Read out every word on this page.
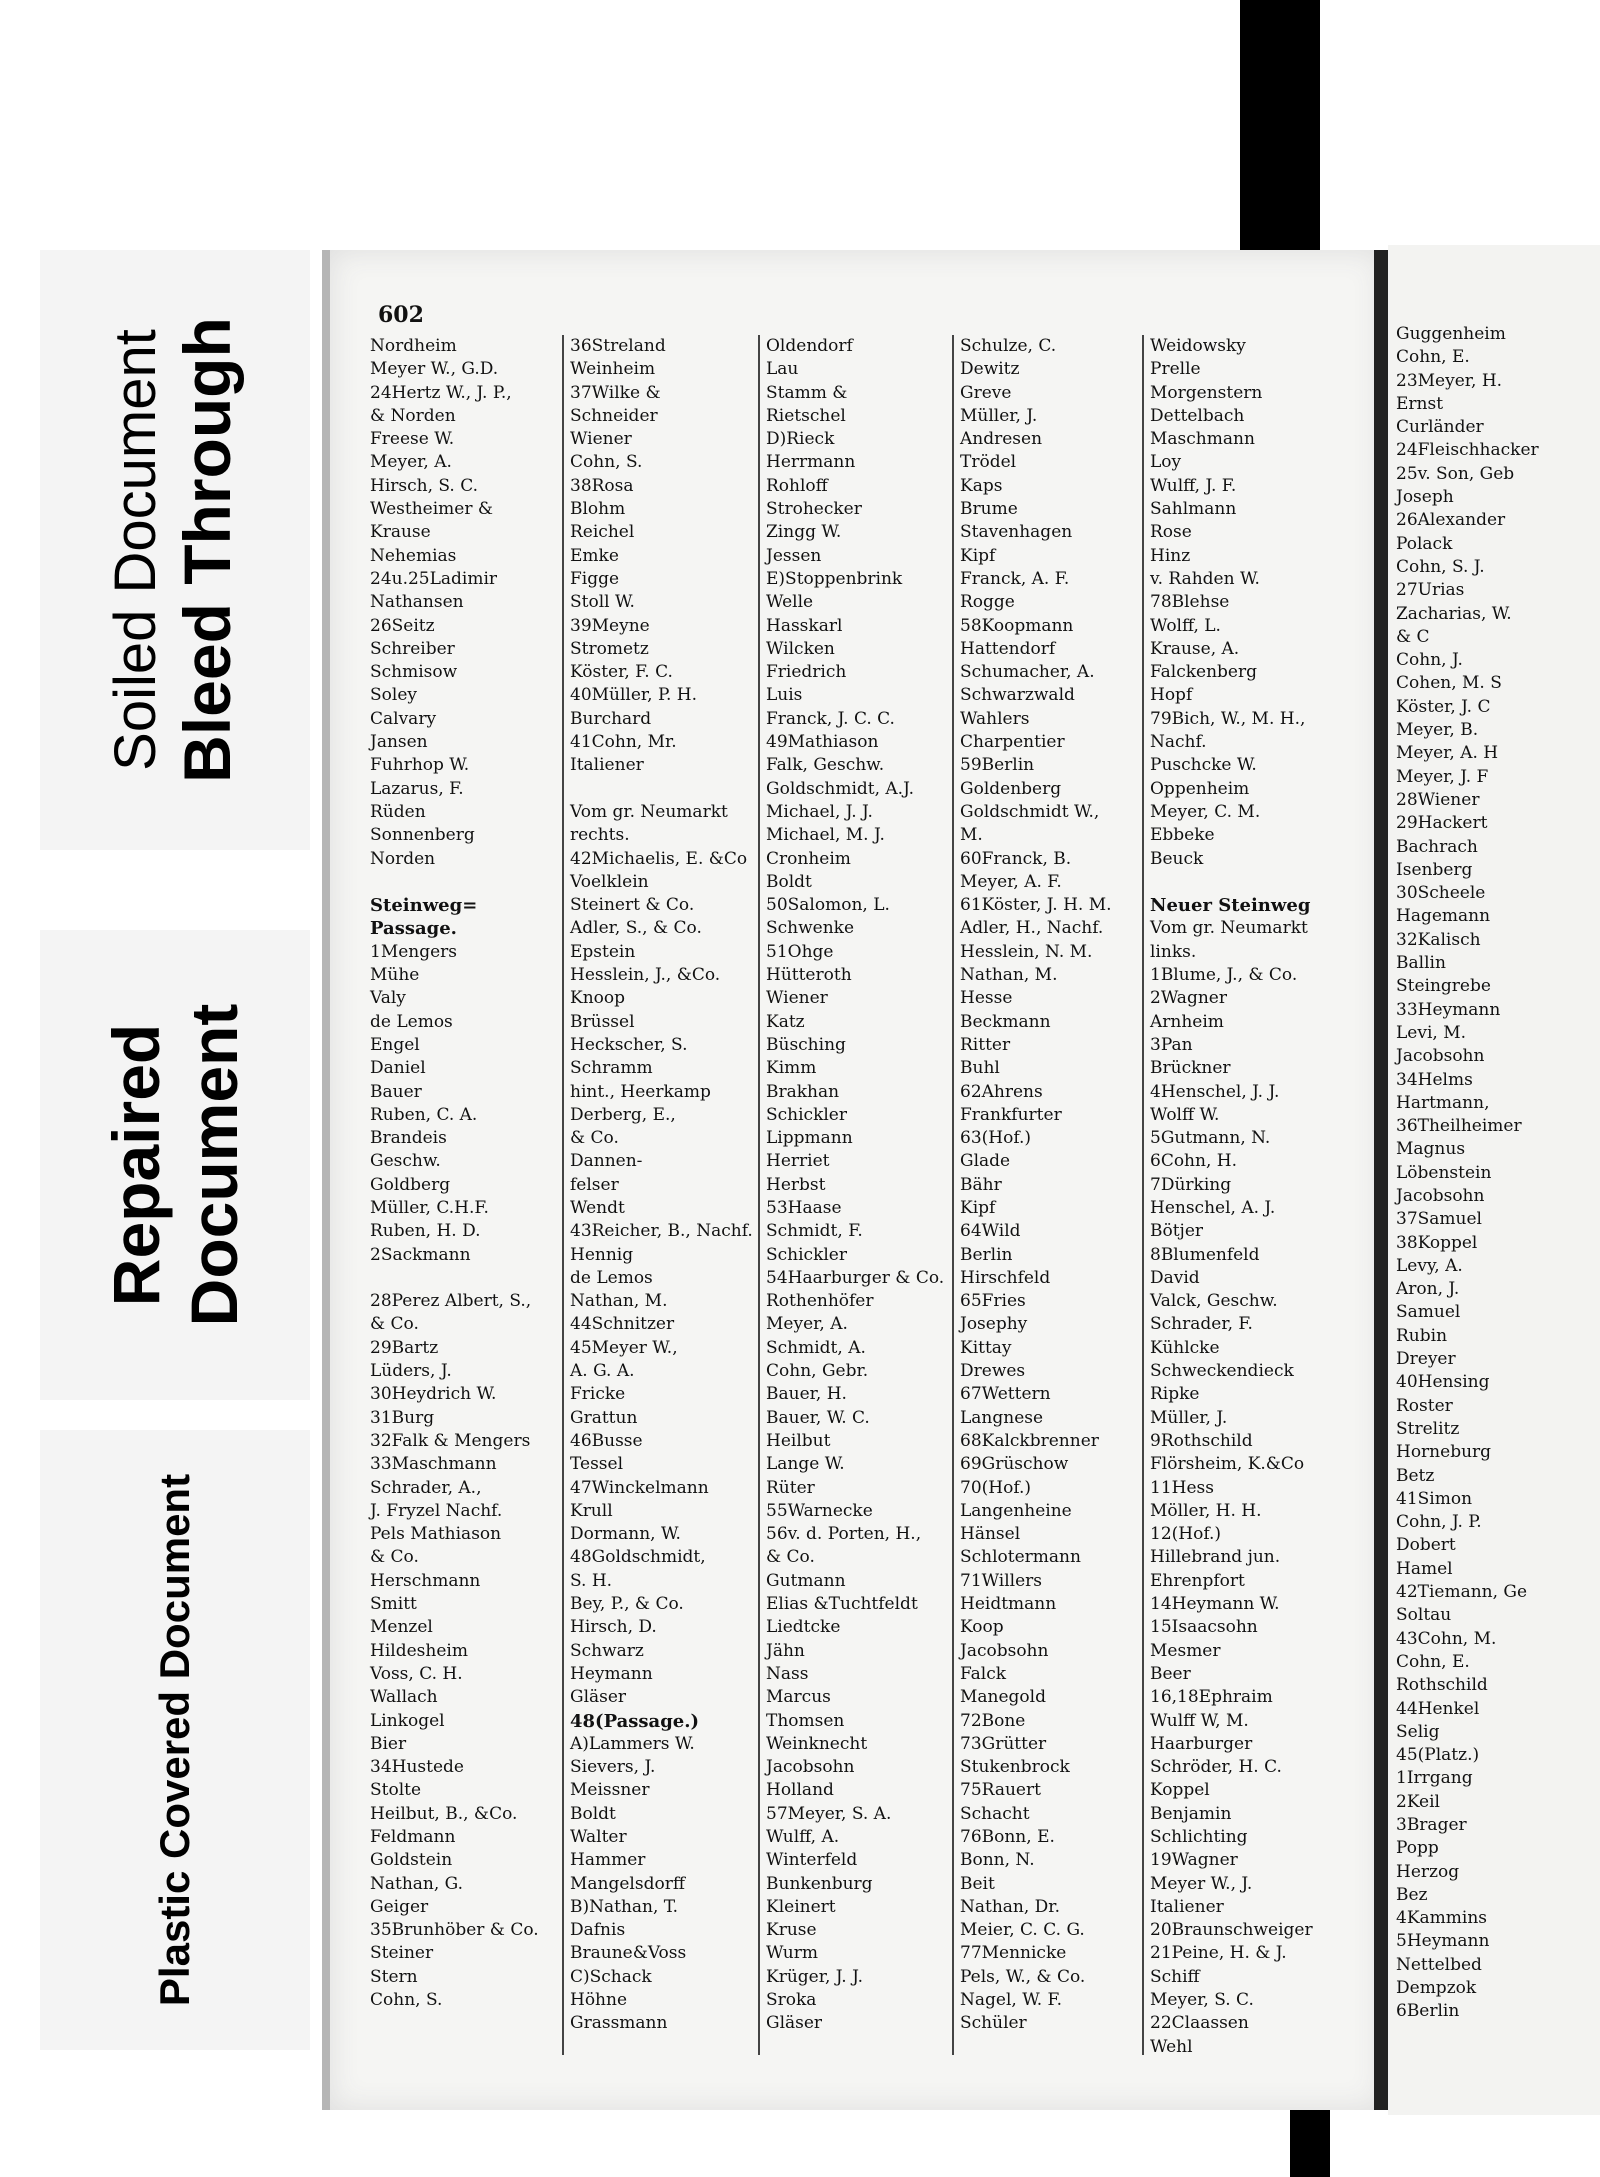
Soiled Document Bleed Through
Repaired Document
Plastic Covered Document
602
Nordheim
Meyer W., G.D.
24Hertz W., J. P.,
& Norden
Freese W.
Meyer, A.
Hirsch, S. C.
Westheimer &
Krause
Nehemias
24u.25Ladimir
Nathansen
26Seitz
Schreiber
Schmisow
Soley
Calvary
Jansen
Fuhrhop W.
Lazarus, F.
Rüden
Sonnenberg
Norden

Steinweg=
Passage.
1Mengers
Mühe
Valy
de Lemos
Engel
Daniel
Bauer
Ruben, C. A.
Brandeis
Geschw.
Goldberg
Müller, C.H.F.
Ruben, H. D.
2Sackmann

28Perez Albert, S.,
& Co.
29Bartz
Lüders, J.
30Heydrich W.
31Burg
32Falk & Mengers
33Maschmann
Schrader, A.,
J. Fryzel Nachf.
Pels Mathiason
& Co.
Herschmann
Smitt
Menzel
Hildesheim
Voss, C. H.
Wallach
Linkogel
Bier
34Hustede
Stolte
Heilbut, B., &Co.
Feldmann
Goldstein
Nathan, G.
Geiger
35Brunhöber & Co.
Steiner
Stern
Cohn, S.
36Streland
Weinheim
37Wilke &
Schneider
Wiener
Cohn, S.
38Rosa
Blohm
Reichel
Emke
Figge
Stoll W.
39Meyne
Strometz
Köster, F. C.
40Müller, P. H.
Burchard
41Cohn, Mr.
Italiener

Vom gr. Neumarkt
rechts.
42Michaelis, E. &Co
Voelklein
Steinert & Co.
Adler, S., & Co.
Epstein
Hesslein, J., &Co.
Knoop
Brüssel
Heckscher, S.
Schramm
hint., Heerkamp
Derberg, E.,
& Co.
Dannen-
felser
Wendt
43Reicher, B., Nachf.
Hennig
de Lemos
Nathan, M.
44Schnitzer
45Meyer W.,
A. G. A.
Fricke
Grattun
46Busse
Tessel
47Winckelmann
Krull
Dormann, W.
48Goldschmidt,
S. H.
Bey, P., & Co.
Hirsch, D.
Schwarz
Heymann
Gläser
48(Passage.)
A)Lammers W.
Sievers, J.
Meissner
Boldt
Walter
Hammer
Mangelsdorff
B)Nathan, T.
Dafnis
Braune&Voss
C)Schack
Höhne
Grassmann
Oldendorf
Lau
Stamm &
Rietschel
D)Rieck
Herrmann
Rohloff
Strohecker
Zingg W.
Jessen
E)Stoppenbrink
Welle
Hasskarl
Wilcken
Friedrich
Luis
Franck, J. C. C.
49Mathiason
Falk, Geschw.
Goldschmidt, A.J.
Michael, J. J.
Michael, M. J.
Cronheim
Boldt
50Salomon, L.
Schwenke
51Ohge
Hütteroth
Wiener
Katz
Büsching
Kimm
Brakhan
Schickler
Lippmann
Herriet
Herbst
53Haase
Schmidt, F.
Schickler
54Haarburger & Co.
Rothenhöfer
Meyer, A.
Schmidt, A.
Cohn, Gebr.
Bauer, H.
Bauer, W. C.
Heilbut
Lange W.
Rüter
55Warnecke
56v. d. Porten, H.,
& Co.
Gutmann
Elias &Tuchtfeldt
Liedtcke
Jähn
Nass
Marcus
Thomsen
Weinknecht
Jacobsohn
Holland
57Meyer, S. A.
Wulff, A.
Winterfeld
Bunkenburg
Kleinert
Kruse
Wurm
Krüger, J. J.
Sroka
Gläser
Schulze, C.
Dewitz
Greve
Müller, J.
Andresen
Trödel
Kaps
Brume
Stavenhagen
Kipf
Franck, A. F.
Rogge
58Koopmann
Hattendorf
Schumacher, A.
Schwarzwald
Wahlers
Charpentier
59Berlin
Goldenberg
Goldschmidt W.,
M.
60Franck, B.
Meyer, A. F.
61Köster, J. H. M.
Adler, H., Nachf.
Hesslein, N. M.
Nathan, M.
Hesse
Beckmann
Ritter
Buhl
62Ahrens
Frankfurter
63(Hof.)
Glade
Bähr
Kipf
64Wild
Berlin
Hirschfeld
65Fries
Josephy
Kittay
Drewes
67Wettern
Langnese
68Kalckbrenner
69Grüschow
70(Hof.)
Langenheine
Hänsel
Schlotermann
71Willers
Heidtmann
Koop
Jacobsohn
Falck
Manegold
72Bone
73Grütter
Stukenbrock
75Rauert
Schacht
76Bonn, E.
Bonn, N.
Beit
Nathan, Dr.
Meier, C. C. G.
77Mennicke
Pels, W., & Co.
Nagel, W. F.
Schüler
Weidowsky
Prelle
Morgenstern
Dettelbach
Maschmann
Loy
Wulff, J. F.
Sahlmann
Rose
Hinz
v. Rahden W.
78Blehse
Wolff, L.
Krause, A.
Falckenberg
Hopf
79Bich, W., M. H.,
Nachf.
Puschcke W.
Oppenheim
Meyer, C. M.
Ebbeke
Beuck

Neuer Steinweg
Vom gr. Neumarkt
links.
1Blume, J., & Co.
2Wagner
Arnheim
3Pan
Brückner
4Henschel, J. J.
Wolff W.
5Gutmann, N.
6Cohn, H.
7Dürking
Henschel, A. J.
Bötjer
8Blumenfeld
David
Valck, Geschw.
Schrader, F.
Kühlcke
Schweckendieck
Ripke
Müller, J.
9Rothschild
Flörsheim, K.&Co
11Hess
Möller, H. H.
12(Hof.)
Hillebrand jun.
Ehrenpfort
14Heymann W.
15Isaacsohn
Mesmer
Beer
16,18Ephraim
Wulff W, M.
Haarburger
Schröder, H. C.
Koppel
Benjamin
Schlichting
19Wagner
Meyer W., J.
Italiener
20Braunschweiger
21Peine, H. & J.
Schiff
Meyer, S. C.
22Claassen
Wehl
Guggenheim
Cohn, E.
23Meyer, H.
Ernst
Curländer
24Fleischhacker
25v. Son, Geb
Joseph
26Alexander
Polack
Cohn, S. J.
27Urias
Zacharias, W.
& C
Cohn, J.
Cohen, M. S
Köster, J. C
Meyer, B.
Meyer, A. H
Meyer, J. F
28Wiener
29Hackert
Bachrach
Isenberg
30Scheele
Hagemann
32Kalisch
Ballin
Steingrebe
33Heymann
Levi, M.
Jacobsohn
34Helms
Hartmann,
36Theilheimer
Magnus
Löbenstein
Jacobsohn
37Samuel
38Koppel
Levy, A.
Aron, J.
Samuel
Rubin
Dreyer
40Hensing
Roster
Strelitz
Horneburg
Betz
41Simon
Cohn, J. P.
Dobert
Hamel
42Tiemann, Ge
Soltau
43Cohn, M.
Cohn, E.
Rothschild
44Henkel
Selig
45(Platz.)
1Irrgang
2Keil
3Brager
Popp
Herzog
Bez
4Kammins
5Heymann
Nettelbed
Dempzok
6Berlin
